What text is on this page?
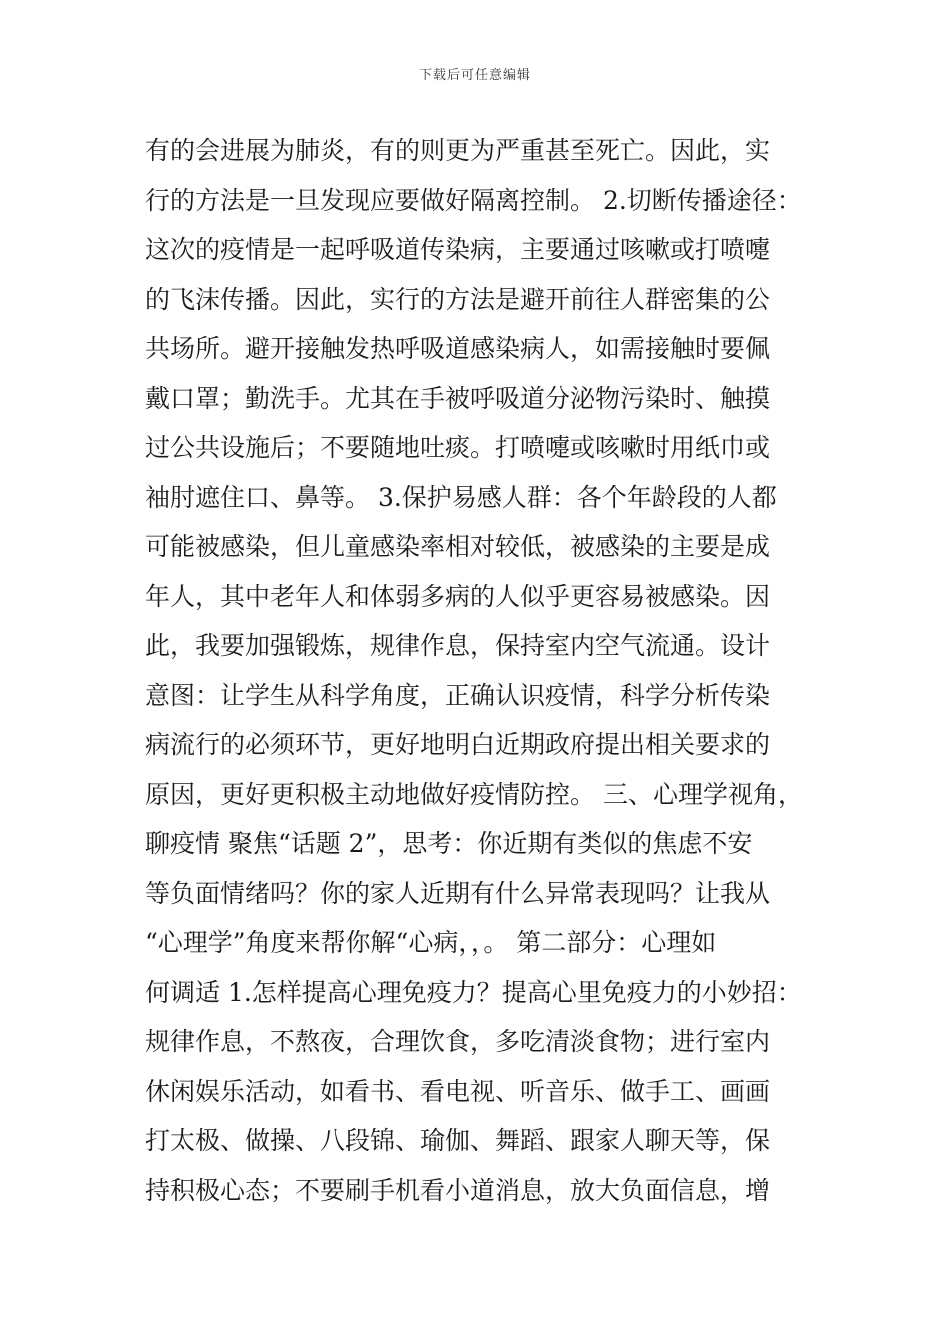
下载后可任意编辑
有的会进展为肺炎，有的则更为严重甚至死亡。因此，实
行的方法是一旦发现应要做好隔离控制。 2.切断传播途径：
这次的疫情是一起呼吸道传染病，主要通过咳嗽或打喷嚏
的飞沫传播。因此，实行的方法是避开前往人群密集的公
共场所。避开接触发热呼吸道感染病人，如需接触时要佩
戴口罩；勤洗手。尤其在手被呼吸道分泌物污染时、触摸
过公共设施后；不要随地吐痰。打喷嚏或咳嗽时用纸巾或
袖肘遮住口、鼻等。 3.保护易感人群：各个年龄段的人都
可能被感染，但儿童感染率相对较低，被感染的主要是成
年人，其中老年人和体弱多病的人似乎更容易被感染。因
此，我要加强锻炼，规律作息，保持室内空气流通。设计
意图：让学生从科学角度，正确认识疫情，科学分析传染
病流行的必须环节，更好地明白近期政府提出相关要求的
原因，更好更积极主动地做好疫情防控。 三、心理学视角，
聊疫情 聚焦“话题 2”，思考：你近期有类似的焦虑不安
等负面情绪吗？你的家人近期有什么异常表现吗？让我从
“心理学”角度来帮你解“心病，，。 第二部分：心理如
何调适 1.怎样提高心理免疫力？提高心里免疫力的小妙招：
规律作息，不熬夜，合理饮食，多吃清淡食物；进行室内
休闲娱乐活动，如看书、看电视、听音乐、做手工、画画
打太极、做操、八段锦、瑜伽、舞蹈、跟家人聊天等，保
持积极心态；不要刷手机看小道消息，放大负面信息，增
